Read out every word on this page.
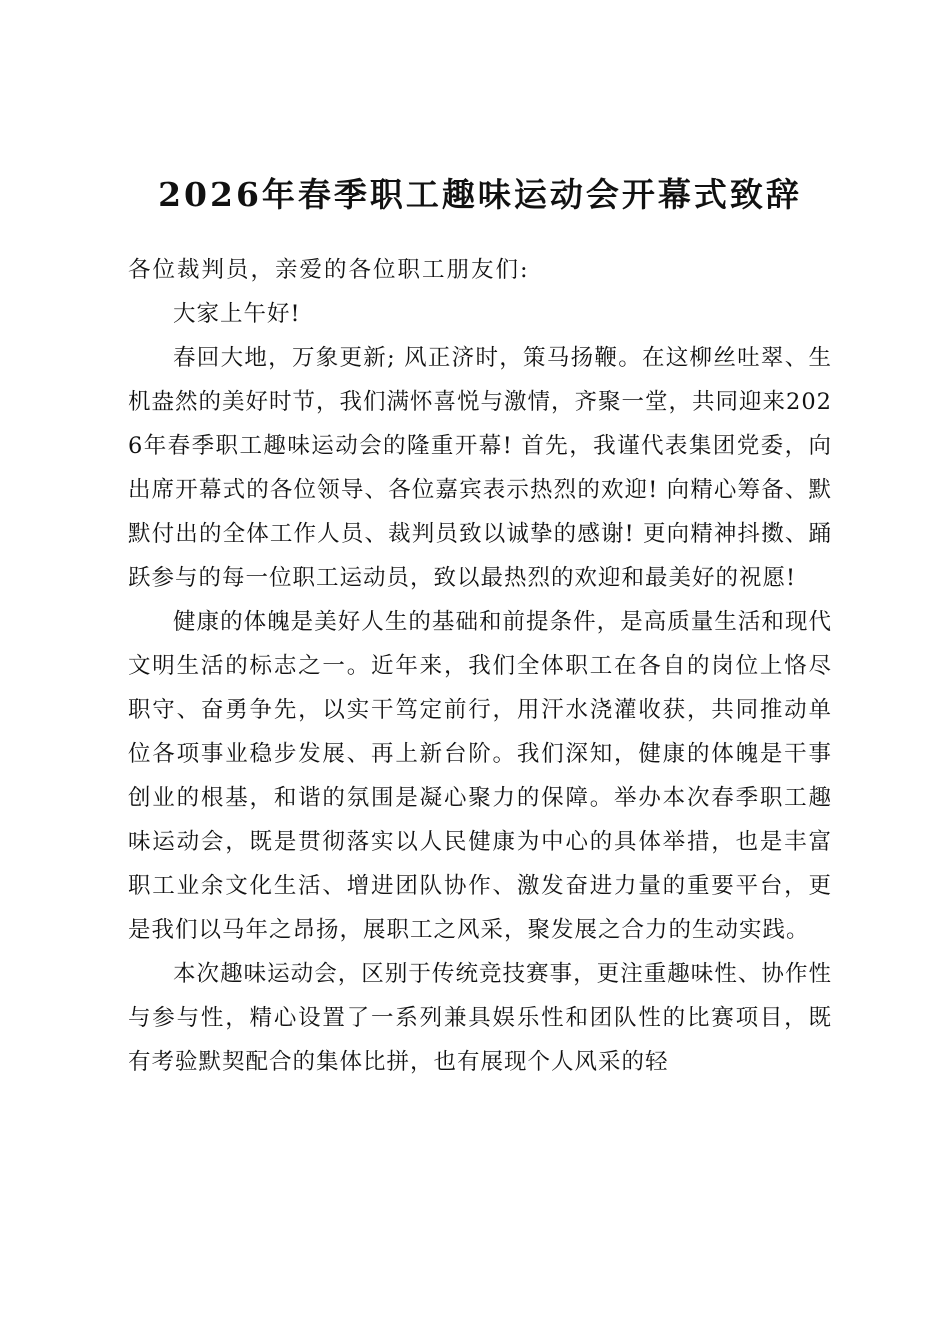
2026年春季职工趣味运动会开幕式致辞

各位裁判员，亲爱的各位职工朋友们:

大家上午好!

春回大地，万象更新; 风正济时，策马扬鞭。在这柳丝吐翠、生机盎然的美好时节，我们满怀喜悦与激情，齐聚一堂，共同迎来2026年春季职工趣味运动会的隆重开幕! 首先，我谨代表集团党委，向出席开幕式的各位领导、各位嘉宾表示热烈的欢迎! 向精心筹备、默默付出的全体工作人员、裁判员致以诚挚的感谢! 更向精神抖擞、踊跃参与的每一位职工运动员，致以最热烈的欢迎和最美好的祝愿!

健康的体魄是美好人生的基础和前提条件，是高质量生活和现代文明生活的标志之一。近年来，我们全体职工在各自的岗位上恪尽职守、奋勇争先，以实干笃定前行，用汗水浇灌收获，共同推动单位各项事业稳步发展、再上新台阶。我们深知，健康的体魄是干事创业的根基，和谐的氛围是凝心聚力的保障。举办本次春季职工趣味运动会，既是贯彻落实以人民健康为中心的具体举措，也是丰富职工业余文化生活、增进团队协作、激发奋进力量的重要平台，更是我们以马年之昂扬，展职工之风采，聚发展之合力的生动实践。

本次趣味运动会，区别于传统竞技赛事，更注重趣味性、协作性与参与性，精心设置了一系列兼具娱乐性和团队性的比赛项目，既有考验默契配合的集体比拼，也有展现个人风采的轻
